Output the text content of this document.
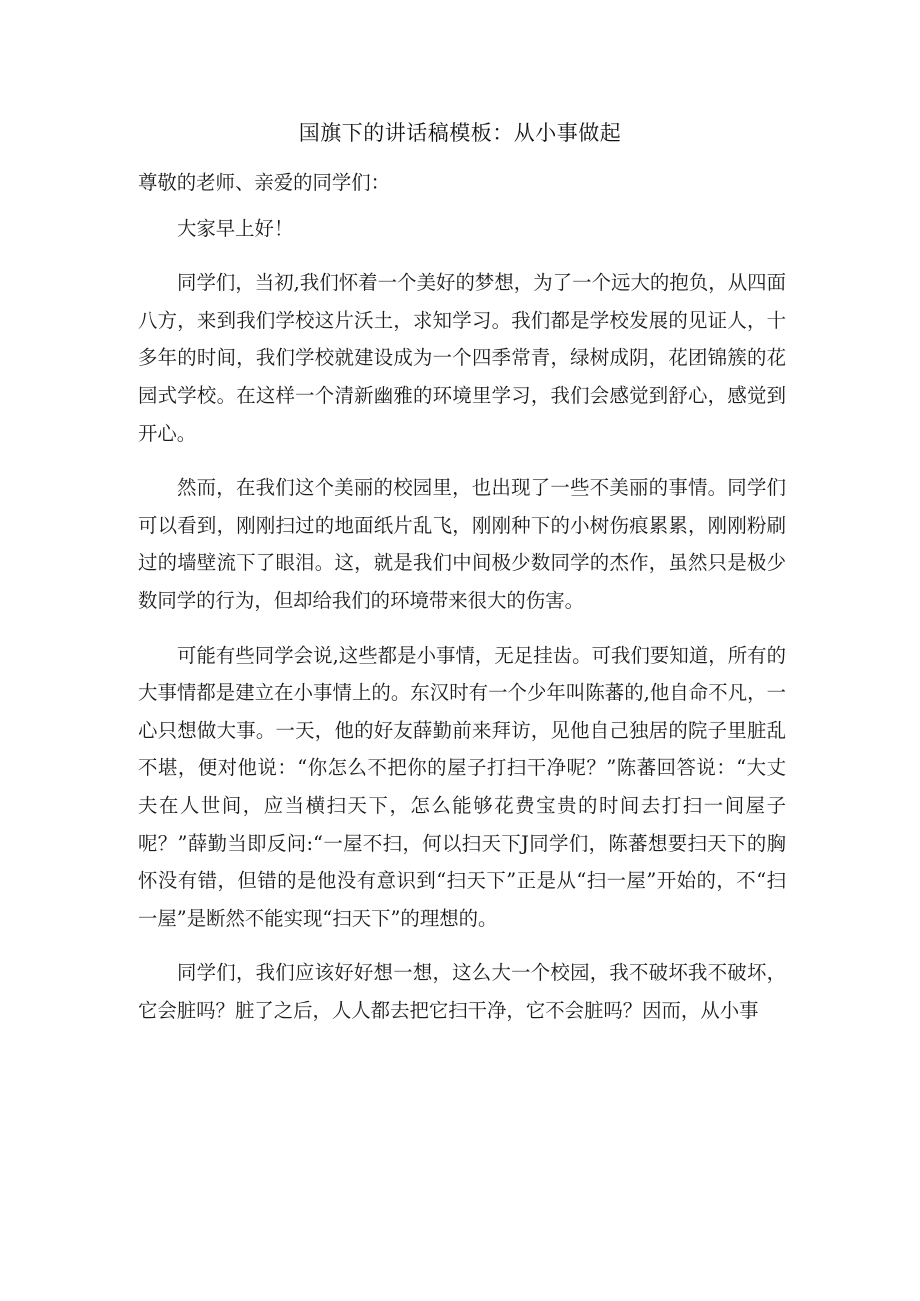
国旗下的讲话稿模板：从小事做起

尊敬的老师、亲爱的同学们：

大家早上好！

同学们，当初,我们怀着一个美好的梦想，为了一个远大的抱负，从四面八方，来到我们学校这片沃土，求知学习。我们都是学校发展的见证人，十多年的时间，我们学校就建设成为一个四季常青，绿树成阴，花团锦簇的花园式学校。在这样一个清新幽雅的环境里学习，我们会感觉到舒心，感觉到开心。

然而，在我们这个美丽的校园里，也出现了一些不美丽的事情。同学们可以看到，刚刚扫过的地面纸片乱飞，刚刚种下的小树伤痕累累，刚刚粉刷过的墙壁流下了眼泪。这，就是我们中间极少数同学的杰作，虽然只是极少数同学的行为，但却给我们的环境带来很大的伤害。

可能有些同学会说,这些都是小事情，无足挂齿。可我们要知道，所有的大事情都是建立在小事情上的。东汉时有一个少年叫陈蕃的,他自命不凡，一心只想做大事。一天，他的好友薛勤前来拜访，见他自己独居的院子里脏乱不堪，便对他说：“你怎么不把你的屋子打扫干净呢？”陈蕃回答说：“大丈夫在人世间，应当横扫天下，怎么能够花费宝贵的时间去打扫一间屋子呢？”薛勤当即反问:“一屋不扫，何以扫天下J同学们，陈蕃想要扫天下的胸怀没有错，但错的是他没有意识到“扫天下”正是从“扫一屋”开始的，不“扫一屋”是断然不能实现“扫天下”的理想的。

同学们，我们应该好好想一想，这么大一个校园，我不破坏我不破坏，它会脏吗？脏了之后，人人都去把它扫干净，它不会脏吗？因而，从小事
